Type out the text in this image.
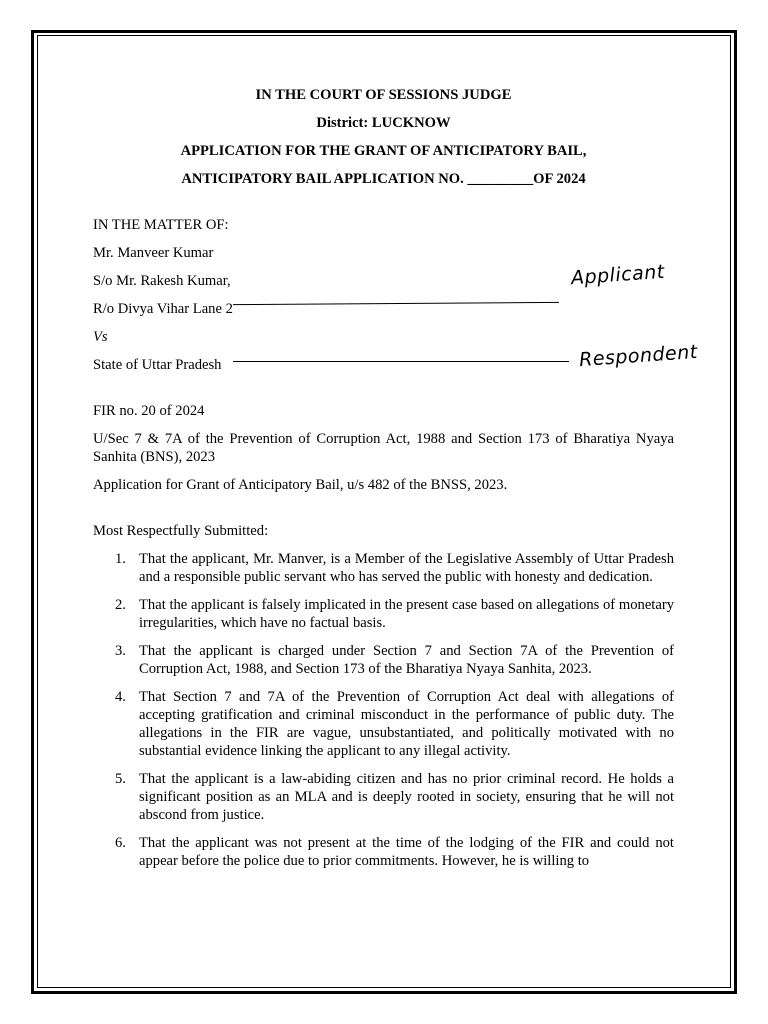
IN THE COURT OF SESSIONS JUDGE
District: LUCKNOW
APPLICATION FOR THE GRANT OF ANTICIPATORY BAIL,
ANTICIPATORY BAIL APPLICATION NO. _________OF 2024
IN THE MATTER OF:
Mr. Manveer Kumar
S/o Mr. Rakesh Kumar,	Applicant
R/o Divya Vihar Lane 2
Vs
State of Uttar Pradesh	Respondent
FIR no. 20 of 2024
U/Sec 7 & 7A of the Prevention of Corruption Act, 1988 and Section 173 of Bharatiya Nyaya Sanhita (BNS), 2023
Application for Grant of Anticipatory Bail, u/s 482 of the BNSS, 2023.
Most Respectfully Submitted:
1. That the applicant, Mr. Manver, is a Member of the Legislative Assembly of Uttar Pradesh and a responsible public servant who has served the public with honesty and dedication.
2. That the applicant is falsely implicated in the present case based on allegations of monetary irregularities, which have no factual basis.
3. That the applicant is charged under Section 7 and Section 7A of the Prevention of Corruption Act, 1988, and Section 173 of the Bharatiya Nyaya Sanhita, 2023.
4. That Section 7 and 7A of the Prevention of Corruption Act deal with allegations of accepting gratification and criminal misconduct in the performance of public duty. The allegations in the FIR are vague, unsubstantiated, and politically motivated with no substantial evidence linking the applicant to any illegal activity.
5. That the applicant is a law-abiding citizen and has no prior criminal record. He holds a significant position as an MLA and is deeply rooted in society, ensuring that he will not abscond from justice.
6. That the applicant was not present at the time of the lodging of the FIR and could not appear before the police due to prior commitments. However, he is willing to
